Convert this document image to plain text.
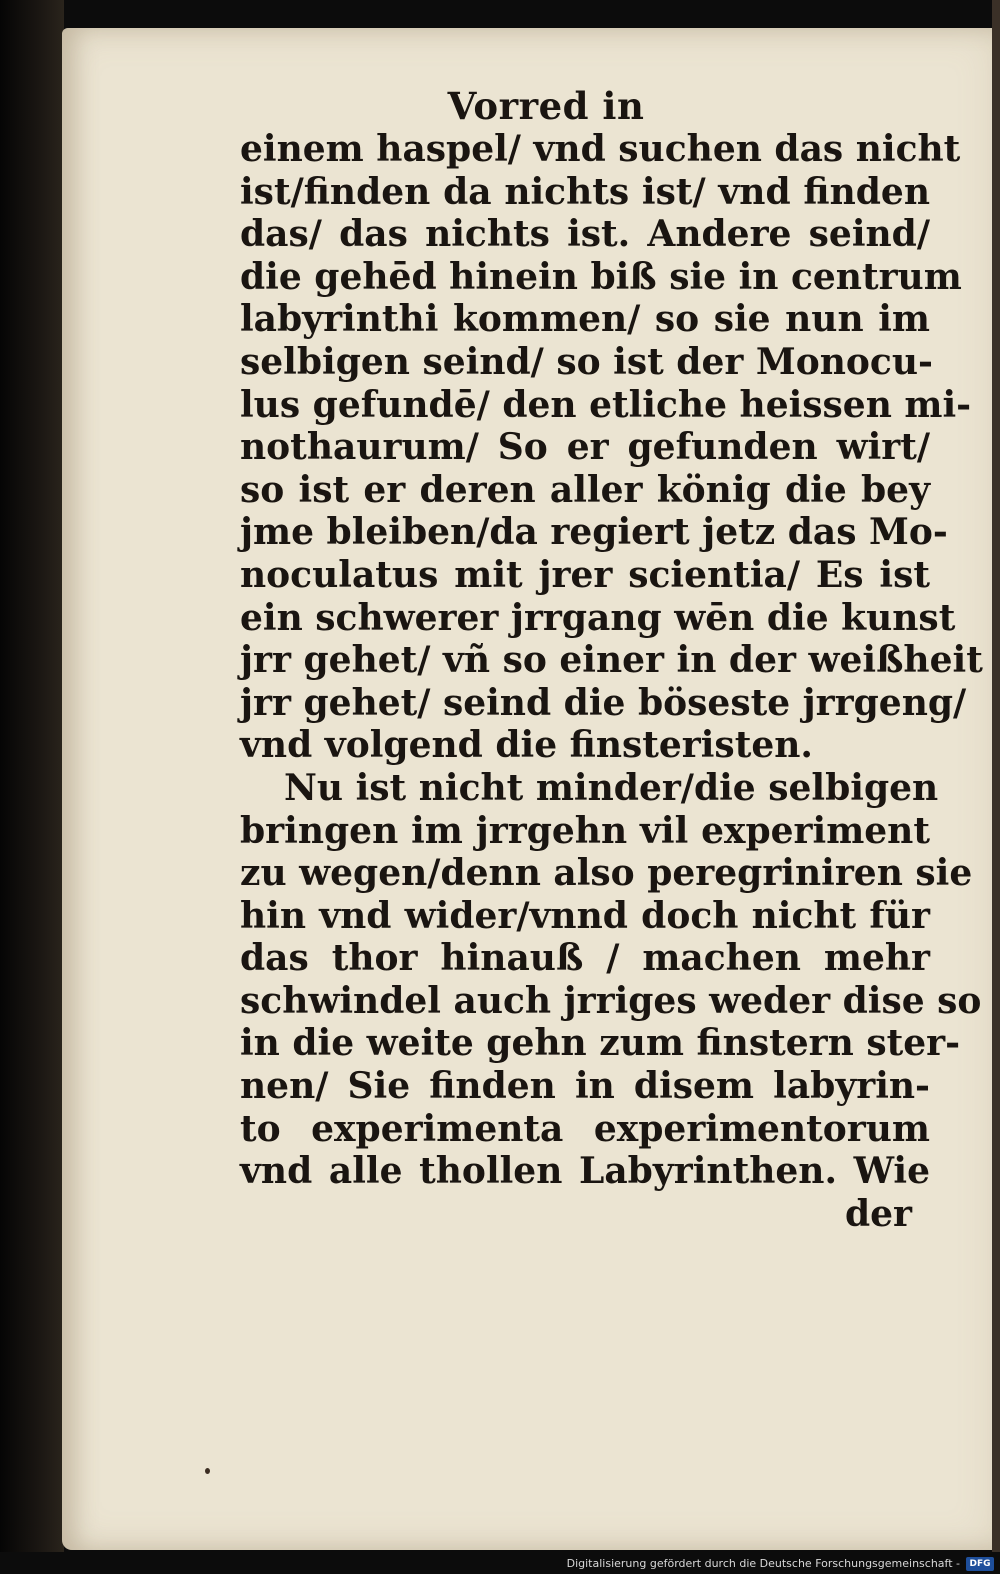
Vorred in
einem haspel/ vnd suchen das nicht
ist/finden da nichts ist/ vnd finden
das/ das nichts ist. Andere seind/
die gehēd hinein biß sie in centrum
labyrinthi kommen/ so sie nun im
selbigen seind/ so ist der Monocu-
lus gefundē/ den etliche heissen mi-
nothaurum/ So er gefunden wirt/
so ist er deren aller könig die bey
jme bleiben/da regiert jetz das Mo-
noculatus mit jrer scientia/ Es ist
ein schwerer jrrgang wēn die kunst
jrr gehet/ vñ so einer in der weißheit
jrr gehet/ seind die böseste jrrgeng/
vnd volgend die finsteristen.
Nu ist nicht minder/die selbigen
bringen im jrrgehn vil experiment
zu wegen/denn also peregriniren sie
hin vnd wider/vnnd doch nicht für
das thor hinauß / machen mehr
schwindel auch jrriges weder dise so
in die weite gehn zum finstern ster-
nen/ Sie finden in disem labyrin-
to experimenta experimentorum
vnd alle thollen Labyrinthen. Wie
der
Digitalisierung gefördert durch die Deutsche Forschungsgemeinschaft -	DFG
